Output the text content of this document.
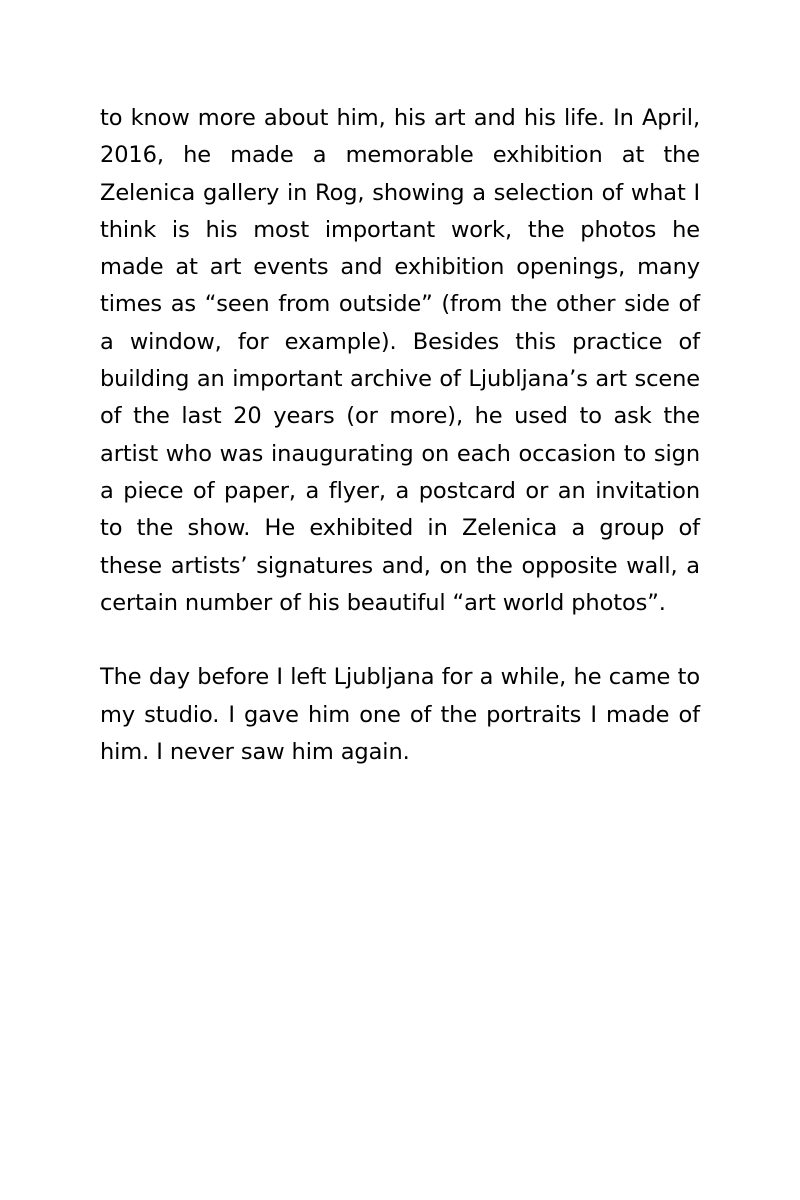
to know more about him, his art and his life. In April, 2016, he made a memorable exhibition at the Zelenica gallery in Rog, showing a selection of what I think is his most important work, the photos he made at art events and exhibition openings, many times as “seen from outside” (from the other side of a window, for example). Besides this practice of building an important archive of Ljubljana’s art scene of the last 20 years (or more), he used to ask the artist who was inaugurating on each occasion to sign a piece of paper, a flyer, a postcard or an invitation to the show. He exhibited in Zelenica a group of these artists’ signatures and, on the opposite wall, a certain number of his beautiful “art world photos”.

The day before I left Ljubljana for a while, he came to my studio. I gave him one of the portraits I made of him. I never saw him again.
